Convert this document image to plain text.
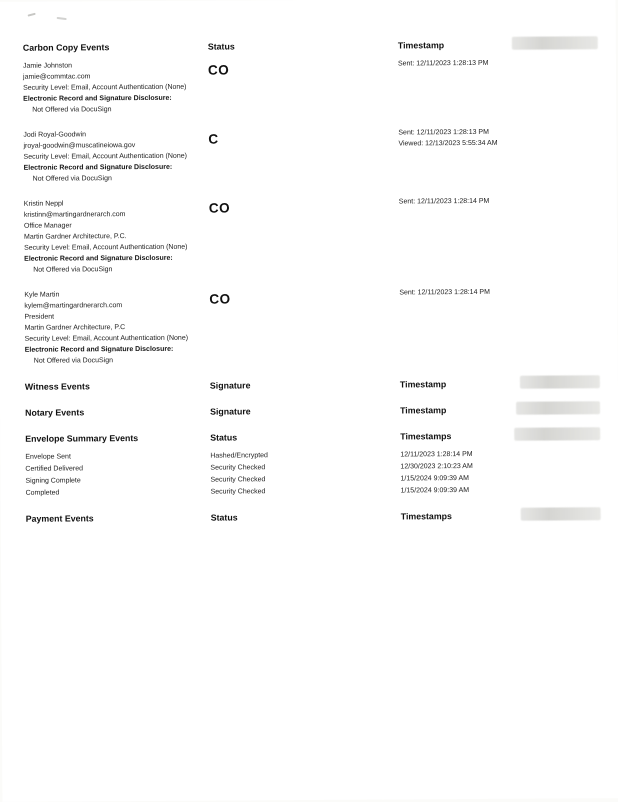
Carbon Copy Events	Status	Timestamp
Jamie Johnston
jamie@commtac.com
Security Level: Email, Account Authentication (None)
Electronic Record and Signature Disclosure:
Not Offered via DocuSign
CO	Sent: 12/11/2023 1:28:13 PM
Jodi Royal-Goodwin
jroyal-goodwin@muscatineiowa.gov
Security Level: Email, Account Authentication (None)
Electronic Record and Signature Disclosure:
Not Offered via DocuSign
C	Sent: 12/11/2023 1:28:13 PM
Viewed: 12/13/2023 5:55:34 AM
Kristin Neppl
kristinn@martingardnerarch.com
Office Manager
Martin Gardner Architecture, P.C.
Security Level: Email, Account Authentication (None)
Electronic Record and Signature Disclosure:
Not Offered via DocuSign
CO	Sent: 12/11/2023 1:28:14 PM
Kyle Martin
kylem@martingardnerarch.com
President
Martin Gardner Architecture, P.C
Security Level: Email, Account Authentication (None)
Electronic Record and Signature Disclosure:
Not Offered via DocuSign
CO	Sent: 12/11/2023 1:28:14 PM
Witness Events	Signature	Timestamp
Notary Events	Signature	Timestamp
Envelope Summary Events	Status	Timestamps
Envelope Sent	Hashed/Encrypted	12/11/2023 1:28:14 PM
Certified Delivered	Security Checked	12/30/2023 2:10:23 AM
Signing Complete	Security Checked	1/15/2024 9:09:39 AM
Completed	Security Checked	1/15/2024 9:09:39 AM
Payment Events	Status	Timestamps
